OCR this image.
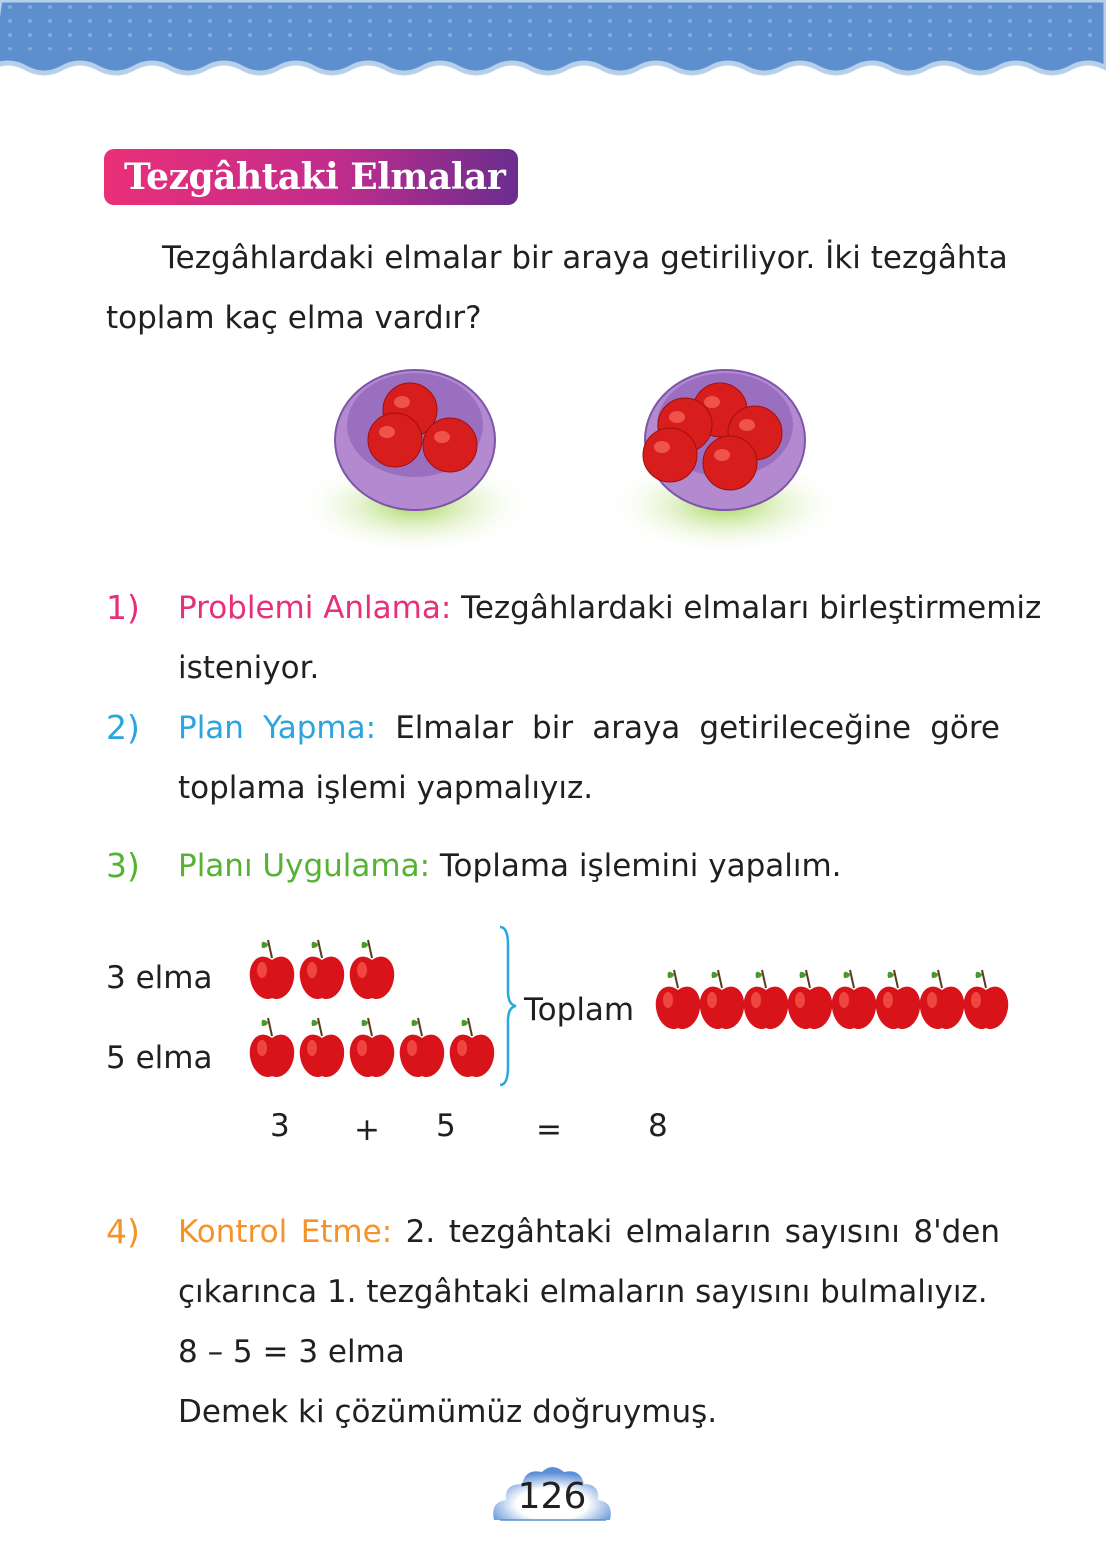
Tezgâhtaki Elmalar
Tezgâhlardaki elmalar bir araya getiriliyor. İki tezgâhta
toplam kaç elma vardır?
1) Problemi Anlama: Tezgâhlardaki elmaları birleştirmemiz
isteniyor.
2) Plan Yapma: Elmalar bir araya getirileceğine göre
toplama işlemi yapmalıyız.
3) Planı Uygulama: Toplama işlemini yapalım.
3 elma
5 elma
Toplam
3 + 5	=	8
4) Kontrol Etme: 2. tezgâhtaki elmaların sayısını 8'den
çıkarınca 1. tezgâhtaki elmaların sayısını bulmalıyız.
8 – 5 = 3 elma
Demek ki çözümümüz doğruymuş.
126
